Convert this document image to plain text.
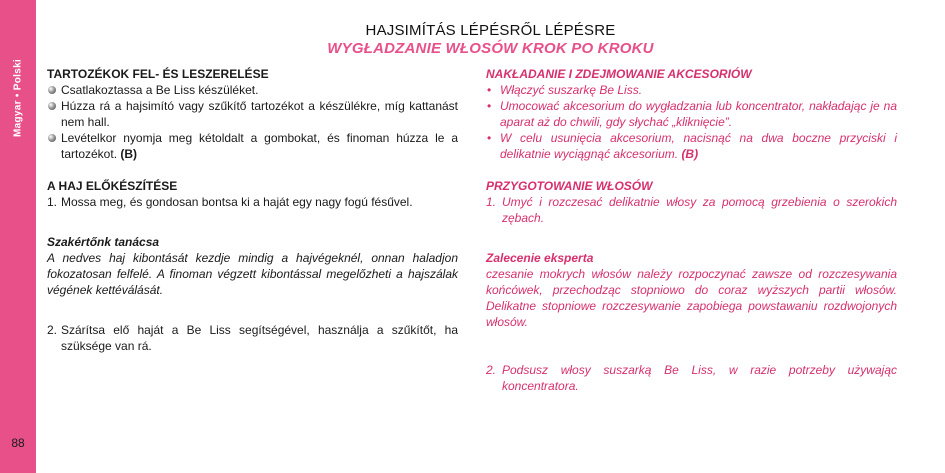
Magyar • Polski
88
HAJSIMÍTÁS LÉPÉSRŐL LÉPÉSRE
WYGŁADZANIE WŁOSÓW KROK PO KROKU
TARTOZÉKOK FEL- ÉS LESZERELÉSE
Csatlakoztassa a Be Liss készüléket.
Húzza rá a hajsimító vagy szűkítő tartozékot a készülékre, míg kattanást nem hall.
Levételkor nyomja meg kétoldalt a gombokat, és finoman húzza le a tartozékot. (B)
A HAJ ELŐKÉSZÍTÉSE
1. Mossa meg, és gondosan bontsa ki a haját egy nagy fogú fésűvel.
Szakértőnk tanácsa

A nedves haj kibontását kezdje mindig a hajvégeknél, onnan haladjon fokozatosan felfelé. A finoman végzett kibontással megelőzheti a hajszálak végének kettéválását.

2. Szárítsa elő haját a Be Liss segítségével, használja a szűkítőt, ha szüksége van rá.
NAKŁADANIE I ZDEJMOWANIE AKCESORIÓW
• Włączyć suszarkę Be Liss.
• Umocować akcesorium do wygładzania lub koncentrator, nakładając je na aparat aż do chwili, gdy słychać „kliknięcie”.
• W celu usunięcia akcesorium, nacisnąć na dwa boczne przyciski i delikatnie wyciągnąć akcesorium. (B)
PRZYGOTOWANIE WŁOSÓW
1. Umyć i rozczesać delikatnie włosy za pomocą grzebienia o szerokich zębach.
Zalecenie eksperta

czesanie mokrych włosów należy rozpoczynać zawsze od rozczesywania końcówek, przechodząc stopniowo do coraz wyższych partii włosów. Delikatne stopniowe rozczesywanie zapobiega powstawaniu rozdwojonych włosów.

2. Podsusz włosy suszarką Be Liss, w razie potrzeby używając koncentratora.
